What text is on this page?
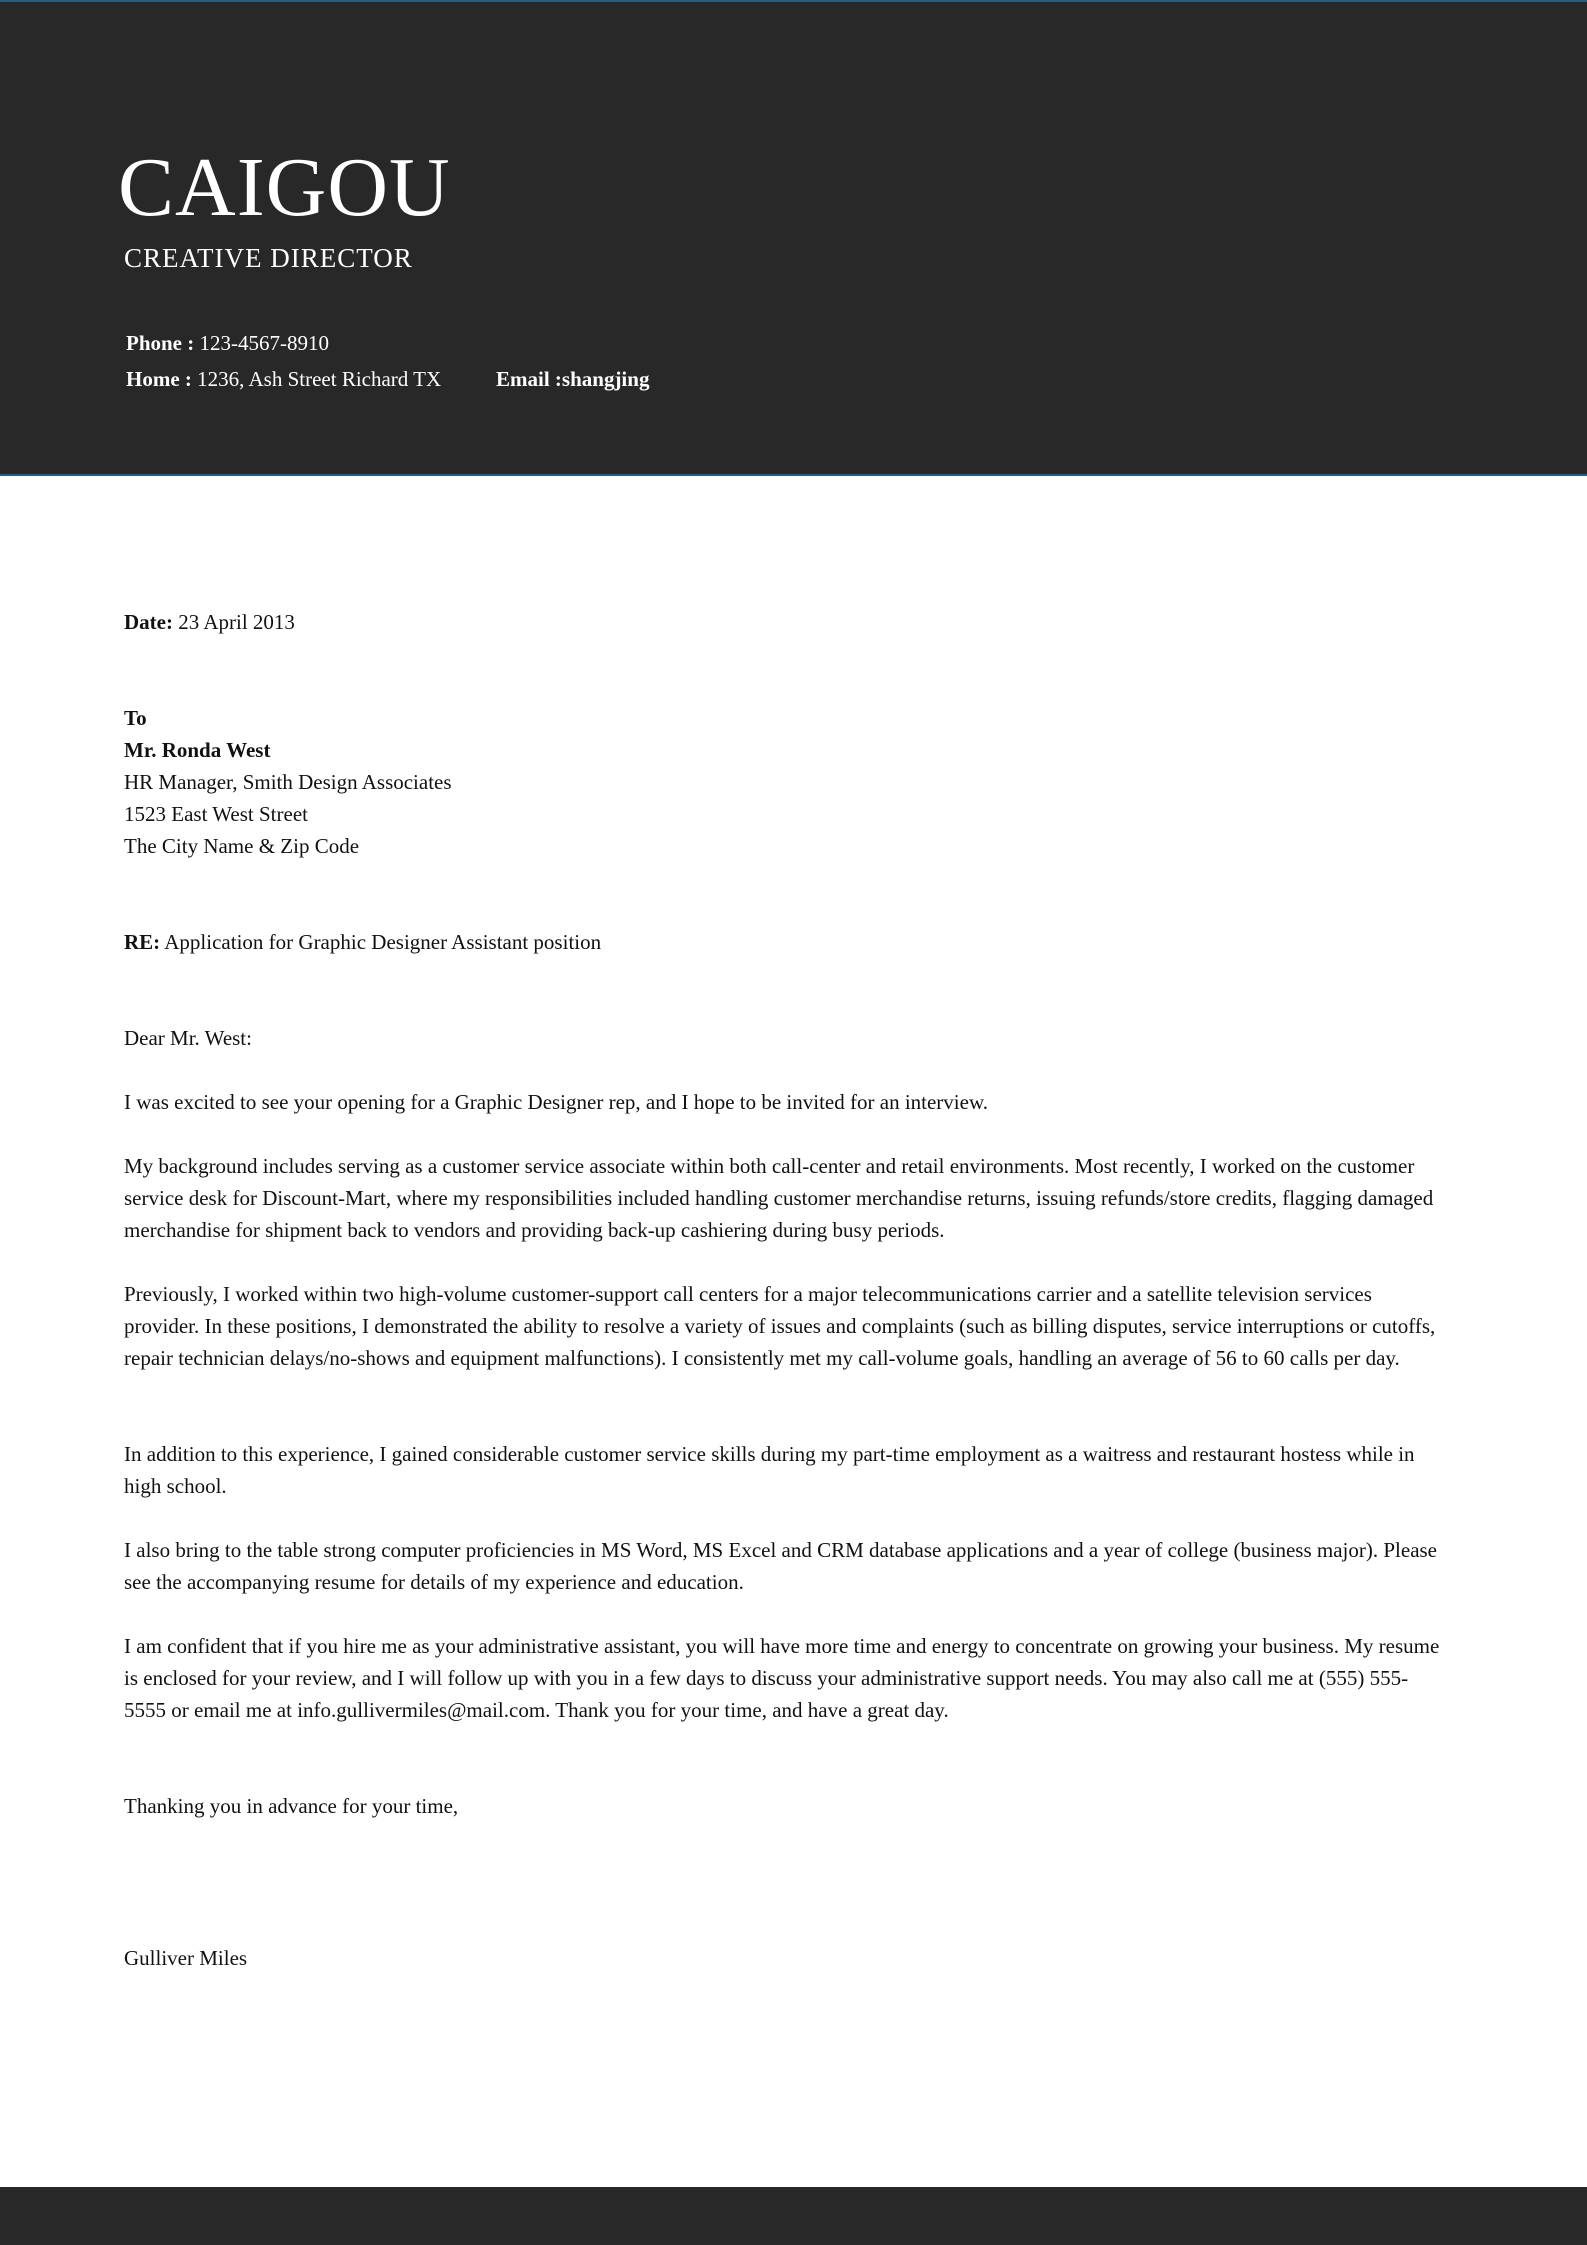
CAIGOU
CREATIVE DIRECTOR
Phone : 123-4567-8910
Home : 1236, Ash Street Richard TX	Email :shangjing
Date: 23 April 2013
To
Mr. Ronda West
HR Manager, Smith Design Associates
1523 East West Street
The City Name & Zip Code
RE: Application for Graphic Designer Assistant position
Dear Mr. West:
I was excited to see your opening for a Graphic Designer rep, and I hope to be invited for an interview.
My background includes serving as a customer service associate within both call-center and retail environments. Most recently, I worked on the customer service desk for Discount-Mart, where my responsibilities included handling customer merchandise returns, issuing refunds/store credits, flagging damaged merchandise for shipment back to vendors and providing back-up cashiering during busy periods.
Previously, I worked within two high-volume customer-support call centers for a major telecommunications carrier and a satellite television services provider. In these positions, I demonstrated the ability to resolve a variety of issues and complaints (such as billing disputes, service interruptions or cutoffs, repair technician delays/no-shows and equipment malfunctions). I consistently met my call-volume goals, handling an average of 56 to 60 calls per day.
In addition to this experience, I gained considerable customer service skills during my part-time employment as a waitress and restaurant hostess while in high school.
I also bring to the table strong computer proficiencies in MS Word, MS Excel and CRM database applications and a year of college (business major). Please see the accompanying resume for details of my experience and education.
I am confident that if you hire me as your administrative assistant, you will have more time and energy to concentrate on growing your business. My resume is enclosed for your review, and I will follow up with you in a few days to discuss your administrative support needs. You may also call me at (555) 555-5555 or email me at info.gullivermiles@mail.com. Thank you for your time, and have a great day.
Thanking you in advance for your time,
Gulliver Miles
